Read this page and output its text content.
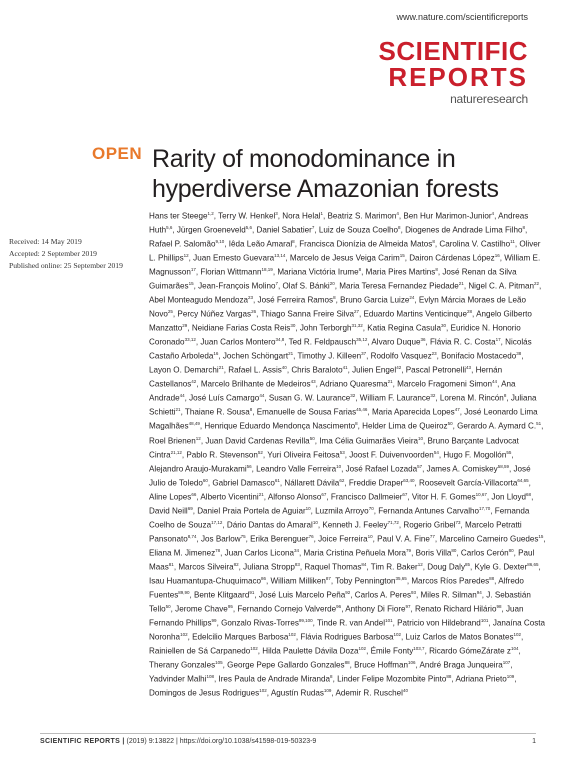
www.nature.com/scientificreports
SCIENTIFIC
REPORTS
natureresearch
OPEN Rarity of monodominance in hyperdiverse Amazonian forests
Received: 14 May 2019
Accepted: 2 September 2019
Published online: 25 September 2019

Hans ter Steege$^{1,2}$, Terry W. Henkel$^3$, Nora Helal$^1$, Beatriz S. Marimon$^4$, Ben Hur Marimon-Junior$^4$, Andreas Huth$^{5,6}$, Jürgen Groeneveld$^{5,6}$, Daniel Sabatier$^7$, Luiz de Souza Coelho$^8$, Diogenes de Andrade Lima Filho$^8$, Rafael P. Salomão$^{9,10}$, Iêda Leão Amaral$^8$, Francisca Dionízia de Almeida Matos$^8$, Carolina V. Castilho$^{11}$, Oliver L. Phillips$^{12}$, Juan Ernesto Guevara$^{13,14}$, Marcelo de Jesus Veiga Carim$^{15}$, Dairon Cárdenas López$^{16}$, William E. Magnusson$^{17}$, Florian Wittmann$^{18,19}$, Mariana Victória Irume$^8$, Maria Pires Martins$^8$, José Renan da Silva Guimarães$^{15}$, Jean-François Molino$^7$, Olaf S. Bánki$^{20}$, Maria Teresa Fernandez Piedade$^{21}$, Nigel C. A. Pitman$^{22}$, Abel Monteagudo Mendoza$^{23}$, José Ferreira Ramos$^8$, Bruno Garcia Luize$^{24}$, Evlyn Márcia Moraes de Leão Novo$^{25}$, Percy Núñez Vargas$^{26}$, Thiago Sanna Freire Silva$^{27}$, Eduardo Martins Venticinque$^{28}$, Angelo Gilberto Manzatto$^{29}$, Neidiane Farias Costa Reis$^{30}$, John Terborgh$^{31,32}$, Katia Regina Casula$^{30}$, Euridice N. Honorio Coronado$^{33,12}$, Juan Carlos Montero$^{34,8}$, Ted R. Feldpausch$^{35,12}$, Alvaro Duque$^{36}$, Flávia R. C. Costa$^{17}$, Nicolás Castaño Arboleda$^{16}$, Jochen Schöngart$^{21}$, Timothy J. Killeen$^{37}$, Rodolfo Vasquez$^{23}$, Bonifacio Mostacedo$^{38}$, Layon O. Demarchi$^{21}$, Rafael L. Assis$^{40}$, Chris Baraloto$^{41}$, Julien Engel$^{42}$, Pascal Petronelli$^{43}$, Hernán Castellanos$^{42}$, Marcelo Brilhante de Medeiros$^{43}$, Adriano Quaresma$^{21}$, Marcelo Fragomeni Simon$^{44}$, Ana Andrade$^{44}$, José Luís Camargo$^{44}$, Susan G. W. Laurance$^{32}$, William F. Laurance$^{32}$, Lorena M. Rincón$^8$, Juliana Schietti$^{21}$, Thaiane R. Sousa$^8$, Emanuelle de Sousa Farias$^{45,46}$, Maria Aparecida Lopes$^{47}$, José Leonardo Lima Magalhães$^{48,49}$, Henrique Eduardo Mendonça Nascimento$^8$, Helder Lima de Queiroz$^{50}$, Gerardo A. Aymard C.$^{51}$, Roel Brienen$^{12}$, Juan David Cardenas Revilla$^{50}$, Ima Célia Guimarães Vieira$^{10}$, Bruno Barçante Ladvocat Cintra$^{21,12}$, Pablo R. Stevenson$^{52}$, Yuri Oliveira Feitosa$^{53}$, Joost F. Duivenvoorden$^{54}$, Hugo F. Mogollón$^{55}$, Alejandro Araujo-Murakami$^{56}$, Leandro Valle Ferreira$^{10}$, José Rafael Lozada$^{57}$, James A. Comiskey$^{58,59}$, José Julio de Toledo$^{60}$, Gabriel Damasco$^{61}$, Nállarett Dávila$^{62}$, Freddie Draper$^{63,40}$, Roosevelt García-Villacorta$^{64,65}$, Aline Lopes$^{66}$, Alberto Vicentini$^{21}$, Alfonso Alonso$^{67}$, Francisco Dallmeier$^{67}$, Vitor H. F. Gomes$^{10,67}$, Jon Lloyd$^{68}$, David Neill$^{69}$, Daniel Praia Portela de Aguiar$^{10}$, Luzmila Arroyo$^{70}$, Fernanda Antunes Carvalho$^{17,70}$, Fernanda Coelho de Souza$^{17,12}$, Dário Dantas do Amaral$^{10}$, Kenneth J. Feeley$^{71,72}$, Rogerio Gribel$^{73}$, Marcelo Petratti Pansonato$^{8,74}$, Jos Barlow$^{75}$, Erika Berenguer$^{76}$, Joice Ferreira$^{10}$, Paul V. A. Fine$^{77}$, Marcelino Carneiro Guedes$^{15}$, Eliana M. Jimenez$^{78}$, Juan Carlos Licona$^{34}$, Maria Cristina Peñuela Mora$^{79}$, Boris Villa$^{80}$, Carlos Cerón$^{80}$, Paul Maas$^{81}$, Marcos Silveira$^{82}$, Juliana Stropp$^{83}$, Raquel Thomas$^{84}$, Tim R. Baker$^{12}$, Doug Daly$^{85}$, Kyle G. Dexter$^{86,65}$, Isau Huamantupa-Chuquimaco$^{86}$, William Milliken$^{87}$, Toby Pennington$^{35,65}$, Marcos Ríos Paredes$^{88}$, Alfredo Fuentes$^{89,90}$, Bente Klitgaard$^{91}$, José Luis Marcelo Peña$^{92}$, Carlos A. Peres$^{93}$, Miles R. Silman$^{94}$, J. Sebastián Tello$^{50}$, Jerome Chave$^{95}$, Fernando Cornejo Valverde$^{96}$, Anthony Di Fiore$^{97}$, Renato Richard Hilário$^{98}$, Juan Fernando Phillips$^{99}$, Gonzalo Rivas-Torres$^{99,100}$, Tinde R. van Andel$^{101}$, Patricio von Hildebrand$^{101}$, Janaína Costa Noronha$^{102}$, Edelcilio Marques Barbosa$^{102}$, Flávia Rodrigues Barbosa$^{102}$, Luiz Carlos de Matos Bonates$^{102}$, Rainiellen de Sá Carpanedo$^{102}$, Hilda Paulette Dávila Doza$^{102}$, Émile Fonty$^{103,7}$, Ricardo GómeZárate $z^{104}$, Therany Gonzales$^{105}$, George Pepe Gallardo Gonzales$^{88}$, Bruce Hoffman$^{106}$, André Braga Junqueira$^{107}$, Yadvinder Malhi$^{108}$, Ires Paula de Andrade Miranda$^8$, Linder Felipe Mozombite Pinto$^{88}$, Adriana Prieto$^{109}$, Domingos de Jesus Rodrigues$^{102}$, Agustín Rudas$^{109}$, Ademir R. Ruschel$^{40}$

SCIENTIFIC REPORTS | (2019) 9:13822 | https://doi.org/10.1038/s41598-019-50323-9	1
